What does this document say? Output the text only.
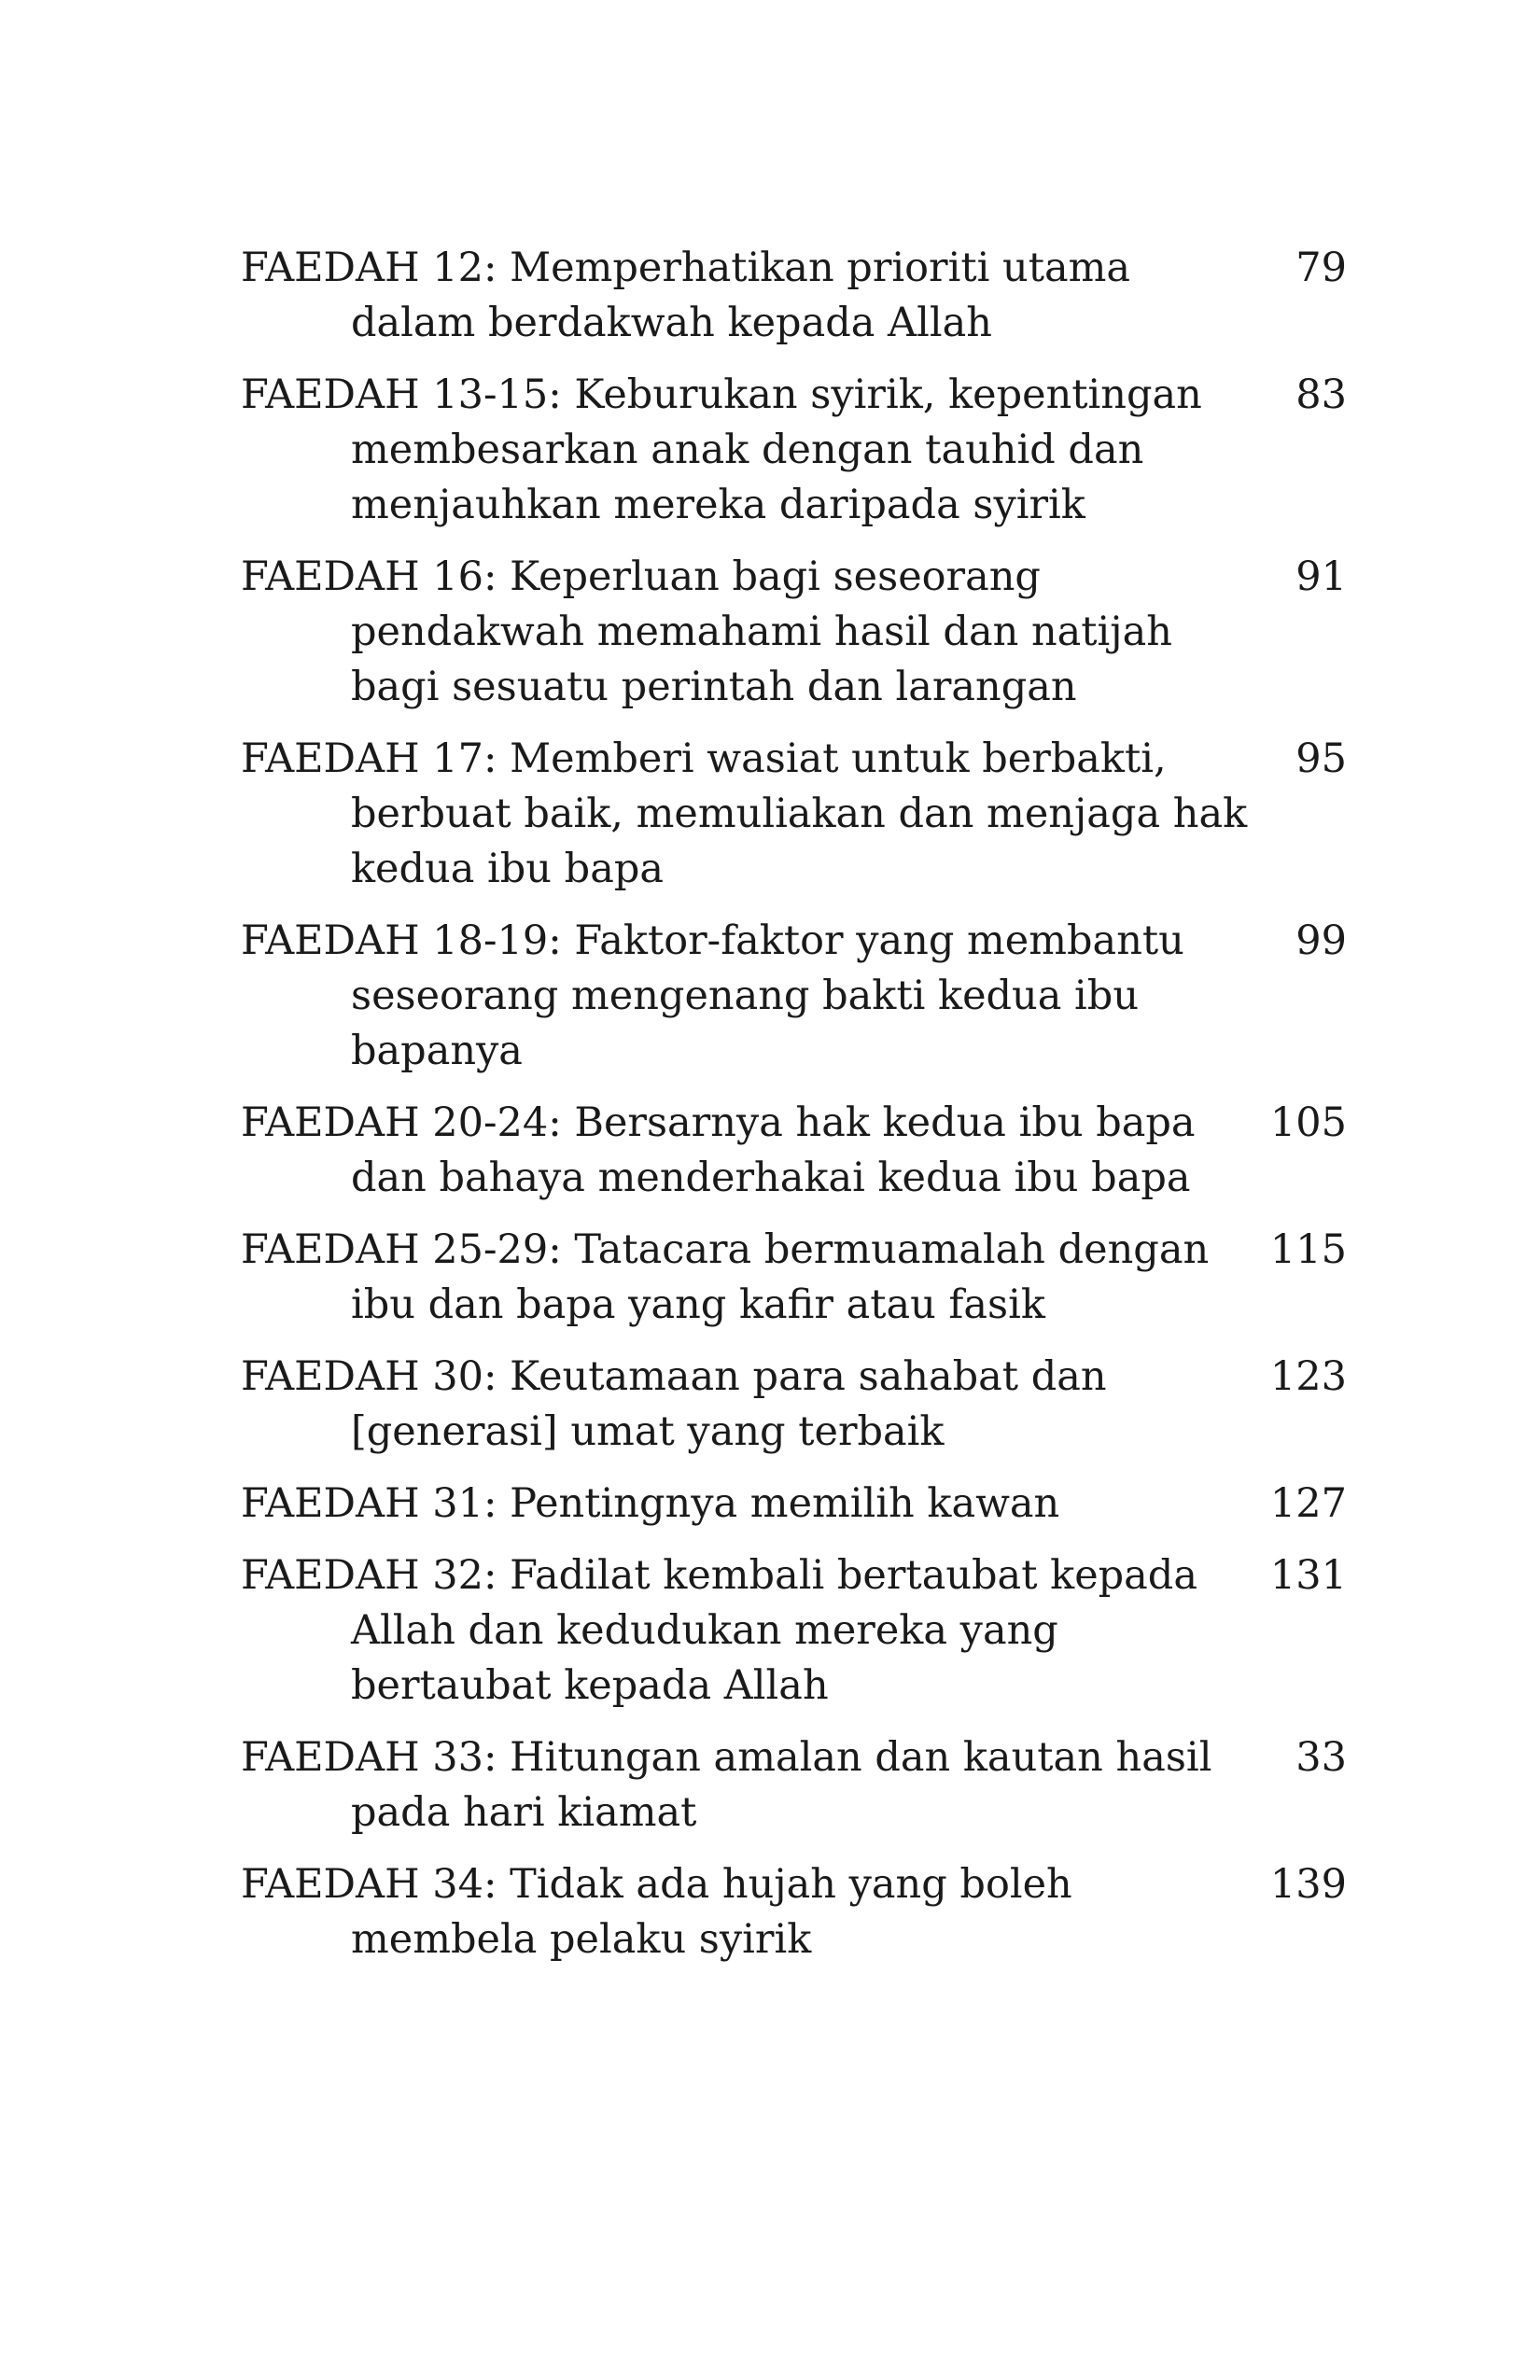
FAEDAH 12: Memperhatikan prioriti utama dalam berdakwah kepada Allah
79
FAEDAH 13-15: Keburukan syirik, kepentingan membesarkan anak dengan tauhid dan menjauhkan mereka daripada syirik
83
FAEDAH 16: Keperluan bagi seseorang pendakwah memahami hasil dan natijah bagi sesuatu perintah dan larangan
91
FAEDAH 17: Memberi wasiat untuk berbakti, berbuat baik, memuliakan dan menjaga hak kedua ibu bapa
95
FAEDAH 18-19: Faktor-faktor yang membantu seseorang mengenang bakti kedua ibu bapanya
99
FAEDAH 20-24: Bersarnya hak kedua ibu bapa dan bahaya menderhakai kedua ibu bapa
105
FAEDAH 25-29: Tatacara bermuamalah dengan ibu dan bapa yang kafir atau fasik
115
FAEDAH 30: Keutamaan para sahabat dan [generasi] umat yang terbaik
123
FAEDAH 31: Pentingnya memilih kawan	127
FAEDAH 32: Fadilat kembali bertaubat kepada Allah dan kedudukan mereka yang bertaubat kepada Allah
131
FAEDAH 33: Hitungan amalan dan kautan hasil pada hari kiamat
33
FAEDAH 34: Tidak ada hujah yang boleh membela pelaku syirik
139
